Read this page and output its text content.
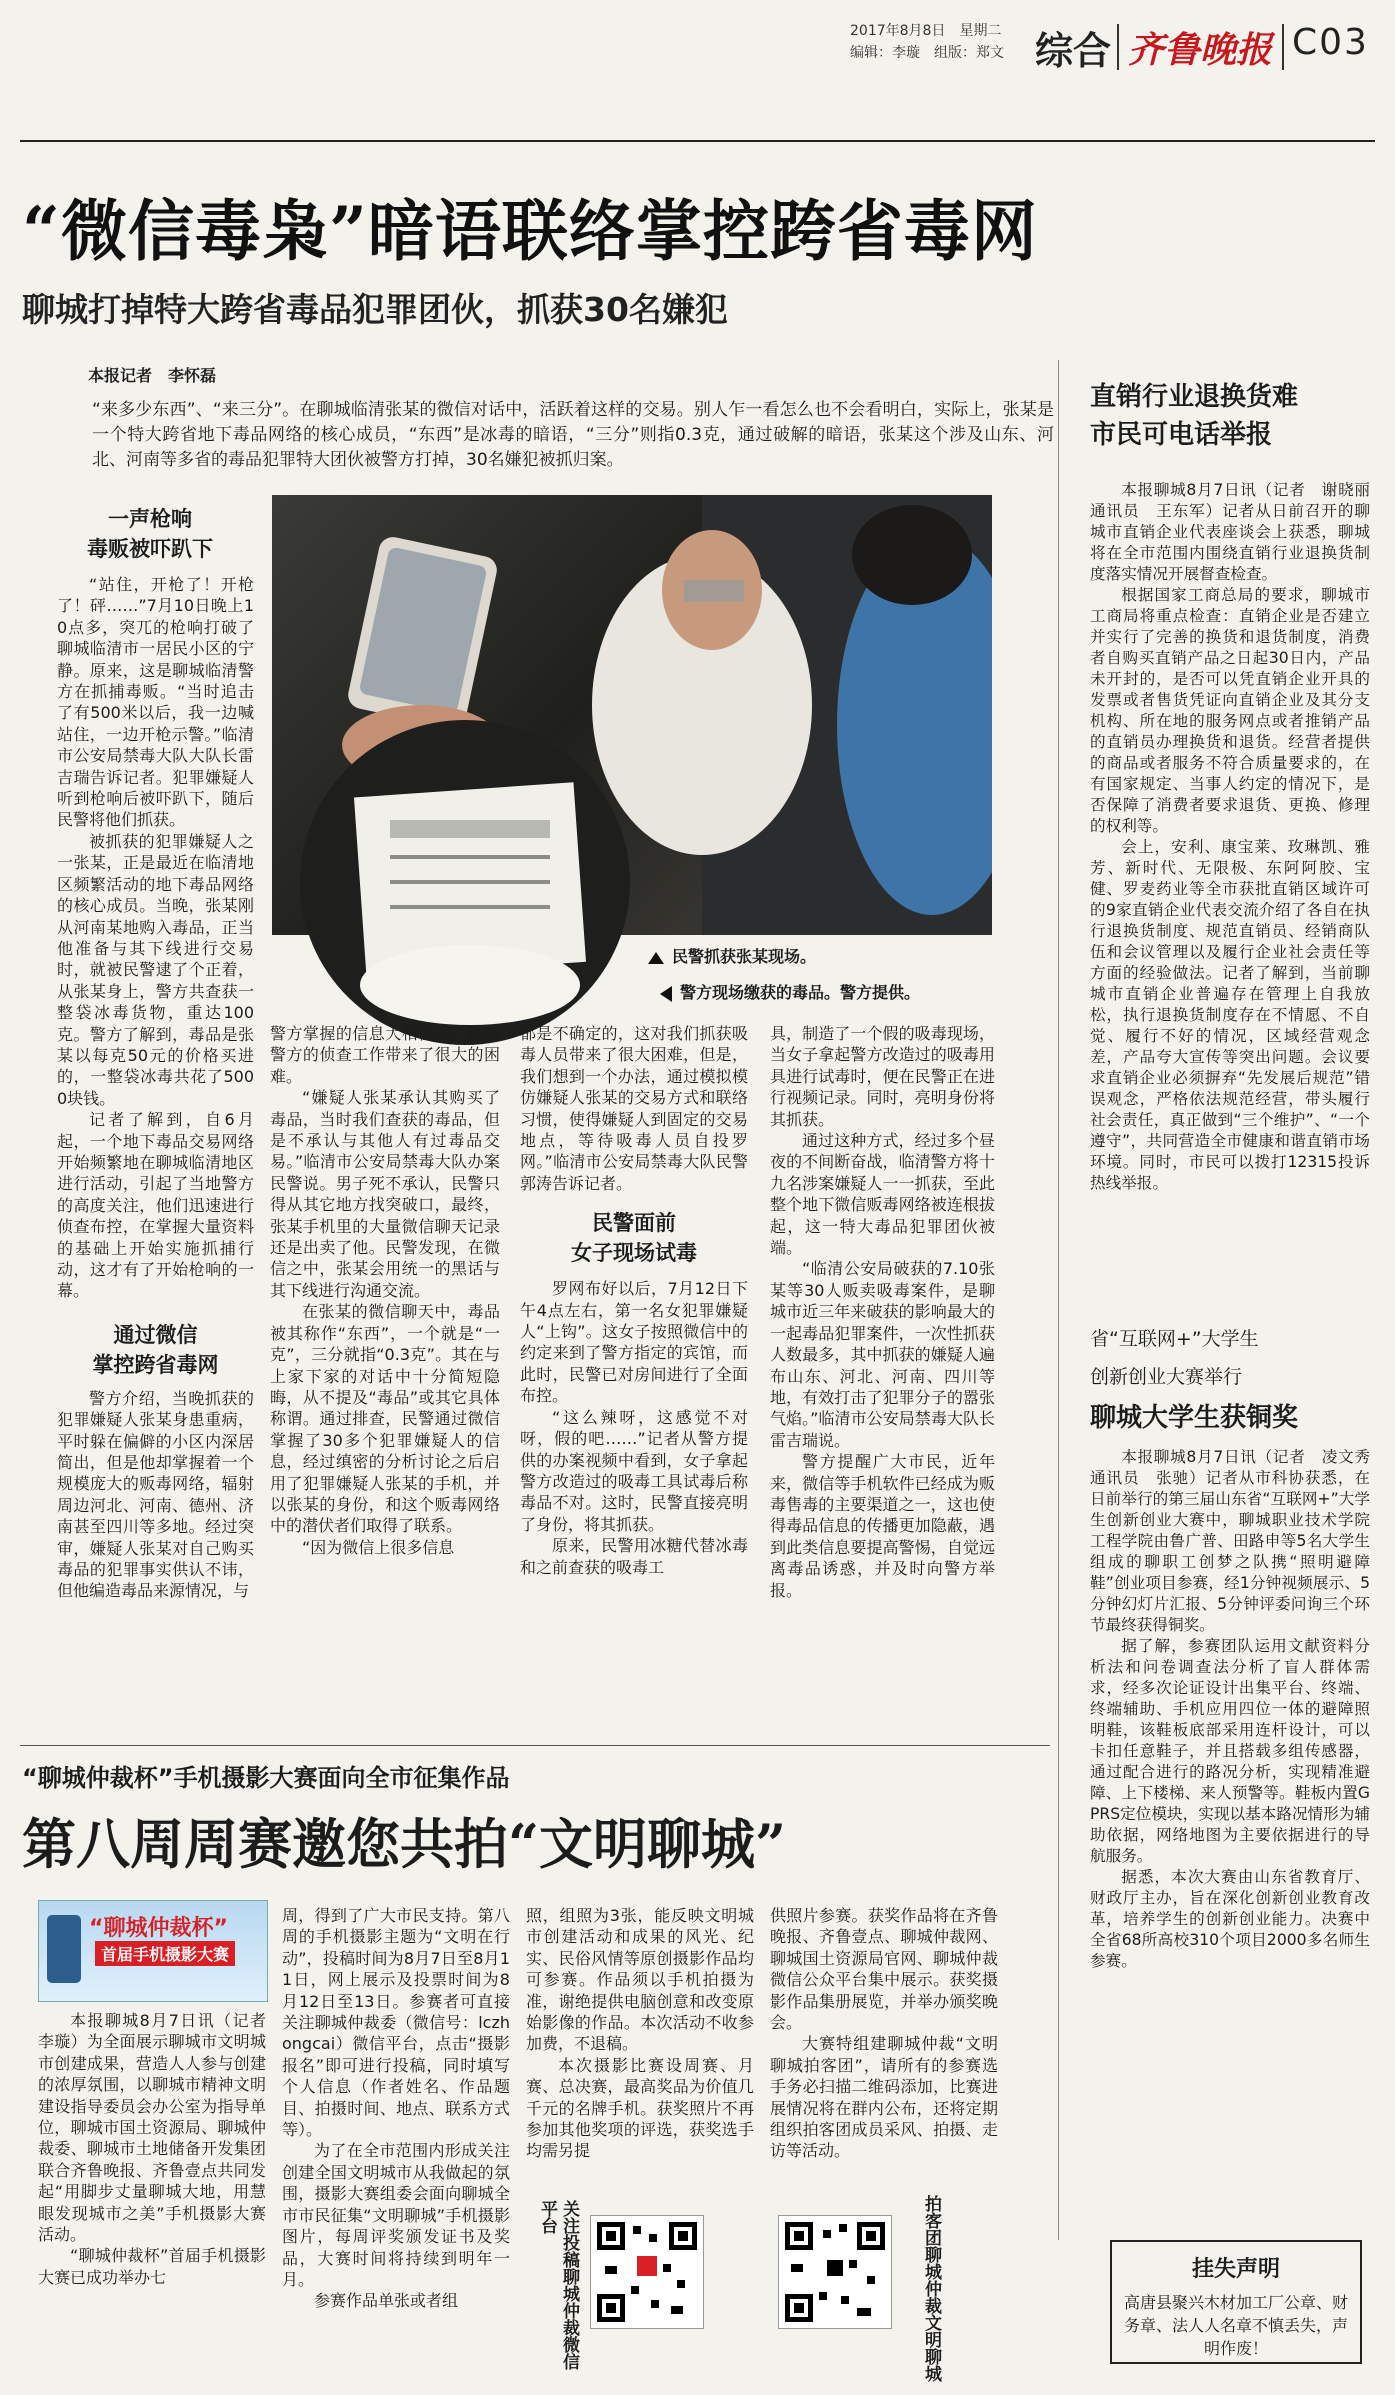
2017年8月8日　星期二
编辑：李璇　组版：郑文 综合 齐鲁晚报 C03
“微信毒枭”暗语联络掌控跨省毒网
聊城打掉特大跨省毒品犯罪团伙，抓获30名嫌犯
本报记者　李怀磊
“来多少东西”、“来三分”。在聊城临清张某的微信对话中，活跃着这样的交易。别人乍一看怎么也不会看明白，实际上，张某是一个特大跨省地下毒品网络的核心成员，“东西”是冰毒的暗语，“三分”则指0.3克，通过破解的暗语，张某这个涉及山东、河北、河南等多省的毒品犯罪特大团伙被警方打掉，30名嫌犯被抓归案。
一声枪响
毒贩被吓趴下

“站住，开枪了！开枪了！砰……”7月10日晚上10点多，突兀的枪响打破了聊城临清市一居民小区的宁静。原来，这是聊城临清警方在抓捕毒贩。“当时追击了有500米以后，我一边喊站住，一边开枪示警。”临清市公安局禁毒大队大队长雷吉瑞告诉记者。犯罪嫌疑人听到枪响后被吓趴下，随后民警将他们抓获。

被抓获的犯罪嫌疑人之一张某，正是最近在临清地区频繁活动的地下毒品网络的核心成员。当晚，张某刚从河南某地购入毒品，正当他准备与其下线进行交易时，就被民警逮了个正着，从张某身上，警方共查获一整袋冰毒货物，重达100克。警方了解到，毒品是张某以每克50元的价格买进的，一整袋冰毒共花了5000块钱。

记者了解到，自6月起，一个地下毒品交易网络开始频繁地在聊城临清地区进行活动，引起了当地警方的高度关注，他们迅速进行侦查布控，在掌握大量资料的基础上开始实施抓捕行动，这才有了开始枪响的一幕。

通过微信
掌控跨省毒网

警方介绍，当晚抓获的犯罪嫌疑人张某身患重病，平时躲在偏僻的小区内深居简出，但是他却掌握着一个规模庞大的贩毒网络，辐射周边河北、河南、德州、济南甚至四川等多地。经过突审，嫌疑人张某对自己购买毒品的犯罪事实供认不讳，但他编造毒品来源情况，与

民警抓获张某现场。
警方现场缴获的毒品。警方提供。

警方掌握的信息大相径庭。这给警方的侦查工作带来了很大的困难。

“嫌疑人张某承认其购买了毒品，当时我们查获的毒品，但是不承认与其他人有过毒品交易。”临清市公安局禁毒大队办案民警说。男子死不承认，民警只得从其它地方找突破口，最终，张某手机里的大量微信聊天记录还是出卖了他。民警发现，在微信之中，张某会用统一的黑话与其下线进行沟通交流。

在张某的微信聊天中，毒品被其称作“东西”，一个就是“一克”，三分就指“0.3克”。其在与上家下家的对话中十分简短隐晦，从不提及“毒品”或其它具体称谓。通过排查，民警通过微信掌握了30多个犯罪嫌疑人的信息，经过缜密的分析讨论之后启用了犯罪嫌疑人张某的手机，并以张某的身份，和这个贩毒网络中的潜伏者们取得了联系。

“因为微信上很多信息

都是不确定的，这对我们抓获吸毒人员带来了很大困难，但是，我们想到一个办法，通过模拟模仿嫌疑人张某的交易方式和联络习惯，使得嫌疑人到固定的交易地点，等待吸毒人员自投罗网。”临清市公安局禁毒大队民警郭涛告诉记者。

民警面前
女子现场试毒

罗网布好以后，7月12日下午4点左右，第一名女犯罪嫌疑人“上钩”。这女子按照微信中的约定来到了警方指定的宾馆，而此时，民警已对房间进行了全面布控。

“这么辣呀，这感觉不对呀，假的吧……”记者从警方提供的办案视频中看到，女子拿起警方改造过的吸毒工具试毒后称毒品不对。这时，民警直接亮明了身份，将其抓获。

原来，民警用冰糖代替冰毒和之前查获的吸毒工

具，制造了一个假的吸毒现场，当女子拿起警方改造过的吸毒用具进行试毒时，便在民警正在进行视频记录。同时，亮明身份将其抓获。

通过这种方式，经过多个昼夜的不间断奋战，临清警方将十九名涉案嫌疑人一一抓获，至此整个地下微信贩毒网络被连根拔起，这一特大毒品犯罪团伙被端。

“临清公安局破获的7.10张某等30人贩卖吸毒案件，是聊城市近三年来破获的影响最大的一起毒品犯罪案件，一次性抓获人数最多，其中抓获的嫌疑人遍布山东、河北、河南、四川等地，有效打击了犯罪分子的嚣张气焰。”临清市公安局禁毒大队长雷吉瑞说。

警方提醒广大市民，近年来，微信等手机软件已经成为贩毒售毒的主要渠道之一，这也使得毒品信息的传播更加隐蔽，遇到此类信息要提高警惕，自觉远离毒品诱惑，并及时向警方举报。

直销行业退换货难
市民可电话举报

本报聊城8月7日讯（记者　谢晓丽　通讯员　王东军）记者从日前召开的聊城市直销企业代表座谈会上获悉，聊城将在全市范围内围绕直销行业退换货制度落实情况开展督查检查。

根据国家工商总局的要求，聊城市工商局将重点检查：直销企业是否建立并实行了完善的换货和退货制度，消费者自购买直销产品之日起30日内，产品未开封的，是否可以凭直销企业开具的发票或者售货凭证向直销企业及其分支机构、所在地的服务网点或者推销产品的直销员办理换货和退货。经营者提供的商品或者服务不符合质量要求的，在有国家规定、当事人约定的情况下，是否保障了消费者要求退货、更换、修理的权利等。

会上，安利、康宝莱、玫琳凯、雅芳、新时代、无限极、东阿阿胶、宝健、罗麦药业等全市获批直销区域许可的9家直销企业代表交流介绍了各自在执行退换货制度、规范直销员、经销商队伍和会议管理以及履行企业社会责任等方面的经验做法。记者了解到，当前聊城市直销企业普遍存在管理上自我放松，执行退换货制度存在不情愿、不自觉、履行不好的情况，区域经营观念差，产品夸大宣传等突出问题。会议要求直销企业必须摒弃“先发展后规范”错误观念，严格依法规范经营，带头履行社会责任，真正做到“三个维护”、“一个遵守”，共同营造全市健康和谐直销市场环境。同时，市民可以拨打12315投诉热线举报。

省“互联网+”大学生
创新创业大赛举行
聊城大学生获铜奖

本报聊城8月7日讯（记者　凌文秀　通讯员　张驰）记者从市科协获悉，在日前举行的第三届山东省“互联网+”大学生创新创业大赛中，聊城职业技术学院工程学院由鲁广普、田路申等5名大学生组成的聊职工创梦之队携“照明避障鞋”创业项目参赛，经1分钟视频展示、5分钟幻灯片汇报、5分钟评委问询三个环节最终获得铜奖。

据了解，参赛团队运用文献资料分析法和问卷调查法分析了盲人群体需求，经多次论证设计出集平台、终端、终端辅助、手机应用四位一体的避障照明鞋，该鞋板底部采用连杆设计，可以卡扣任意鞋子，并且搭载多组传感器，通过配合进行的路况分析，实现精准避障、上下楼梯、来人预警等。鞋板内置GPRS定位模块，实现以基本路况情形为辅助依据，网络地图为主要依据进行的导航服务。

据悉，本次大赛由山东省教育厅、财政厅主办，旨在深化创新创业教育改革，培养学生的创新创业能力。决赛中全省68所高校310个项目2000多名师生参赛。

“聊城仲裁杯”手机摄影大赛面向全市征集作品
第八周周赛邀您共拍“文明聊城”
“聊城仲裁杯”
首届手机摄影大赛

本报聊城8月7日讯（记者　李璇）为全面展示聊城市文明城市创建成果，营造人人参与创建的浓厚氛围，以聊城市精神文明建设指导委员会办公室为指导单位，聊城市国土资源局、聊城仲裁委、聊城市土地储备开发集团联合齐鲁晚报、齐鲁壹点共同发起“用脚步丈量聊城大地，用慧眼发现城市之美”手机摄影大赛活动。

“聊城仲裁杯”首届手机摄影大赛已成功举办七

周，得到了广大市民支持。第八周的手机摄影主题为“文明在行动”，投稿时间为8月7日至8月11日，网上展示及投票时间为8月12日至13日。参赛者可直接关注聊城仲裁委（微信号：lczhongcai）微信平台，点击“摄影报名”即可进行投稿，同时填写个人信息（作者姓名、作品题目、拍摄时间、地点、联系方式等）。

为了在全市范围内形成关注创建全国文明城市从我做起的氛围，摄影大赛组委会面向聊城全市市民征集“文明聊城”手机摄影图片，每周评奖颁发证书及奖品，大赛时间将持续到明年一月。

参赛作品单张或者组

照，组照为3张，能反映文明城市创建活动和成果的风光、纪实、民俗风情等原创摄影作品均可参赛。作品须以手机拍摄为准，谢绝提供电脑创意和改变原始影像的作品。本次活动不收参加费，不退稿。

本次摄影比赛设周赛、月赛、总决赛，最高奖品为价值几千元的名牌手机。获奖照片不再参加其他奖项的评选，获奖选手均需另提

供照片参赛。获奖作品将在齐鲁晚报、齐鲁壹点、聊城仲裁网、聊城国土资源局官网、聊城仲裁微信公众平台集中展示。获奖摄影作品集册展览，并举办颁奖晚会。

大赛特组建聊城仲裁“文明聊城拍客团”，请所有的参赛选手务必扫描二维码添加，比赛进展情况将在群内公布，还将定期组织拍客团成员采风、拍摄、走访等活动。

关注投稿聊城仲裁微信平台	拍客团聊城仲裁文明聊城	挂失声明
高唐县聚兴木材加工厂公章、财务章、法人人名章不慎丢失，声明作废！
